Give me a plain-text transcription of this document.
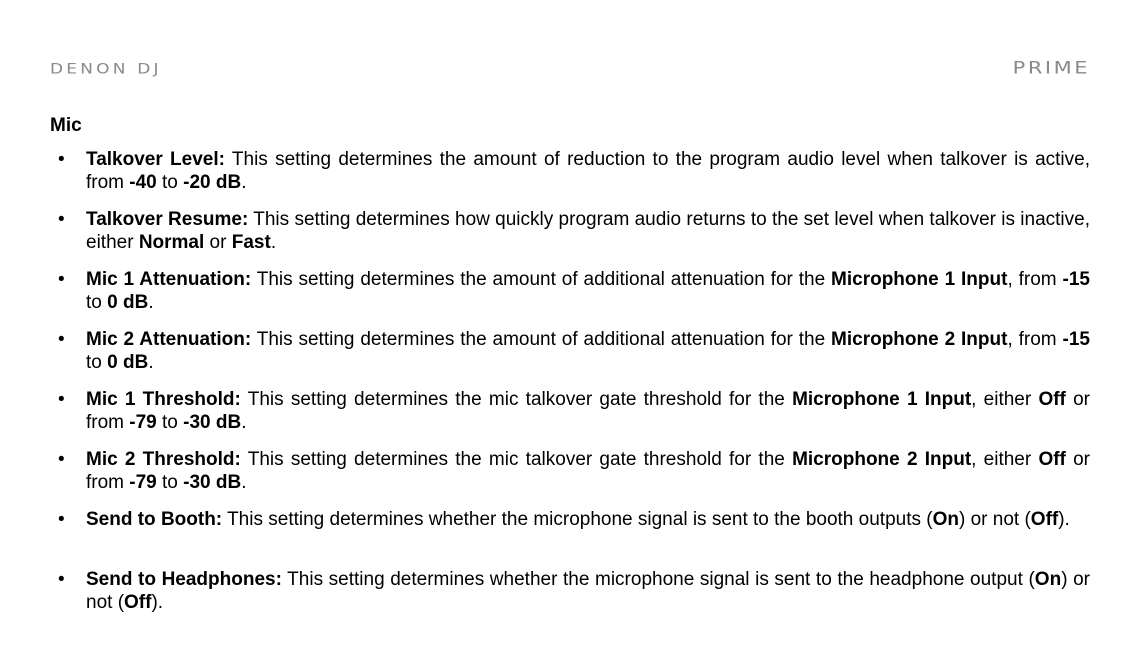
DENON DJ	PRIME
Mic
• Talkover Level: This setting determines the amount of reduction to the program audio level when talkover is active, from -40 to -20 dB.
• Talkover Resume: This setting determines how quickly program audio returns to the set level when talkover is inactive, either Normal or Fast.
• Mic 1 Attenuation: This setting determines the amount of additional attenuation for the Microphone 1 Input, from -15 to 0 dB.
• Mic 2 Attenuation: This setting determines the amount of additional attenuation for the Microphone 2 Input, from -15 to 0 dB.
• Mic 1 Threshold: This setting determines the mic talkover gate threshold for the Microphone 1 Input, either Off or from -79 to -30 dB.
• Mic 2 Threshold: This setting determines the mic talkover gate threshold for the Microphone 2 Input, either Off or from -79 to -30 dB.
• Send to Booth: This setting determines whether the microphone signal is sent to the booth outputs (On) or not (Off).
• Send to Headphones: This setting determines whether the microphone signal is sent to the headphone output (On) or not (Off).
